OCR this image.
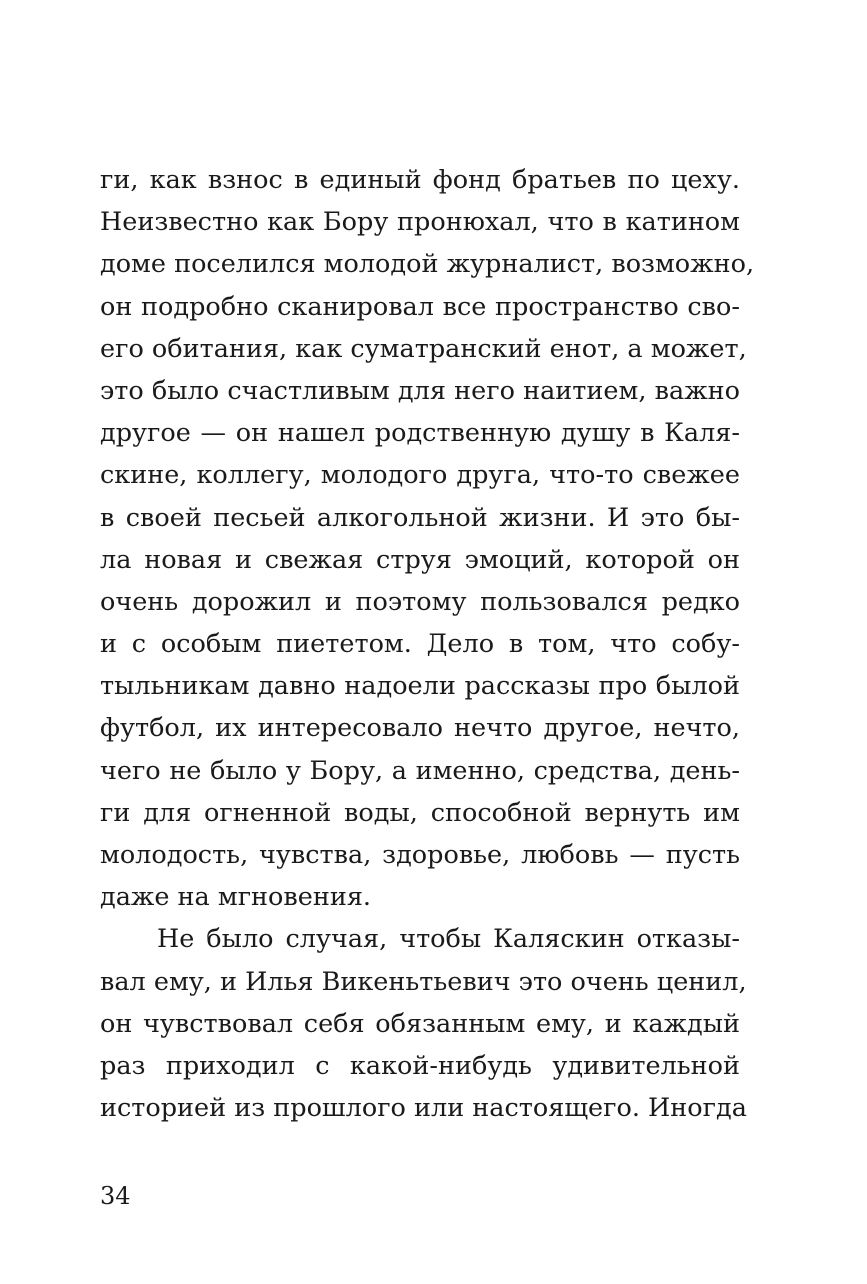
ги, как взнос в единый фонд братьев по цеху.
Неизвестно как Бору пронюхал, что в катином
доме поселился молодой журналист, возможно,
он подробно сканировал все пространство сво-
его обитания, как суматранский енот, а может,
это было счастливым для него наитием, важно
другое — он нашел родственную душу в Каля-
скине, коллегу, молодого друга, что-то свежее
в своей песьей алкогольной жизни. И это бы-
ла новая и свежая струя эмоций, которой он
очень дорожил и поэтому пользовался редко
и с особым пиететом. Дело в том, что собу-
тыльникам давно надоели рассказы про былой
футбол, их интересовало нечто другое, нечто,
чего не было у Бору, а именно, средства, день-
ги для огненной воды, способной вернуть им
молодость, чувства, здоровье, любовь — пусть
даже на мгновения.
Не было случая, чтобы Каляскин отказы-
вал ему, и Илья Викеньтьевич это очень ценил,
он чувствовал себя обязанным ему, и каждый
раз приходил с какой-нибудь удивительной
историей из прошлого или настоящего. Иногда
34
